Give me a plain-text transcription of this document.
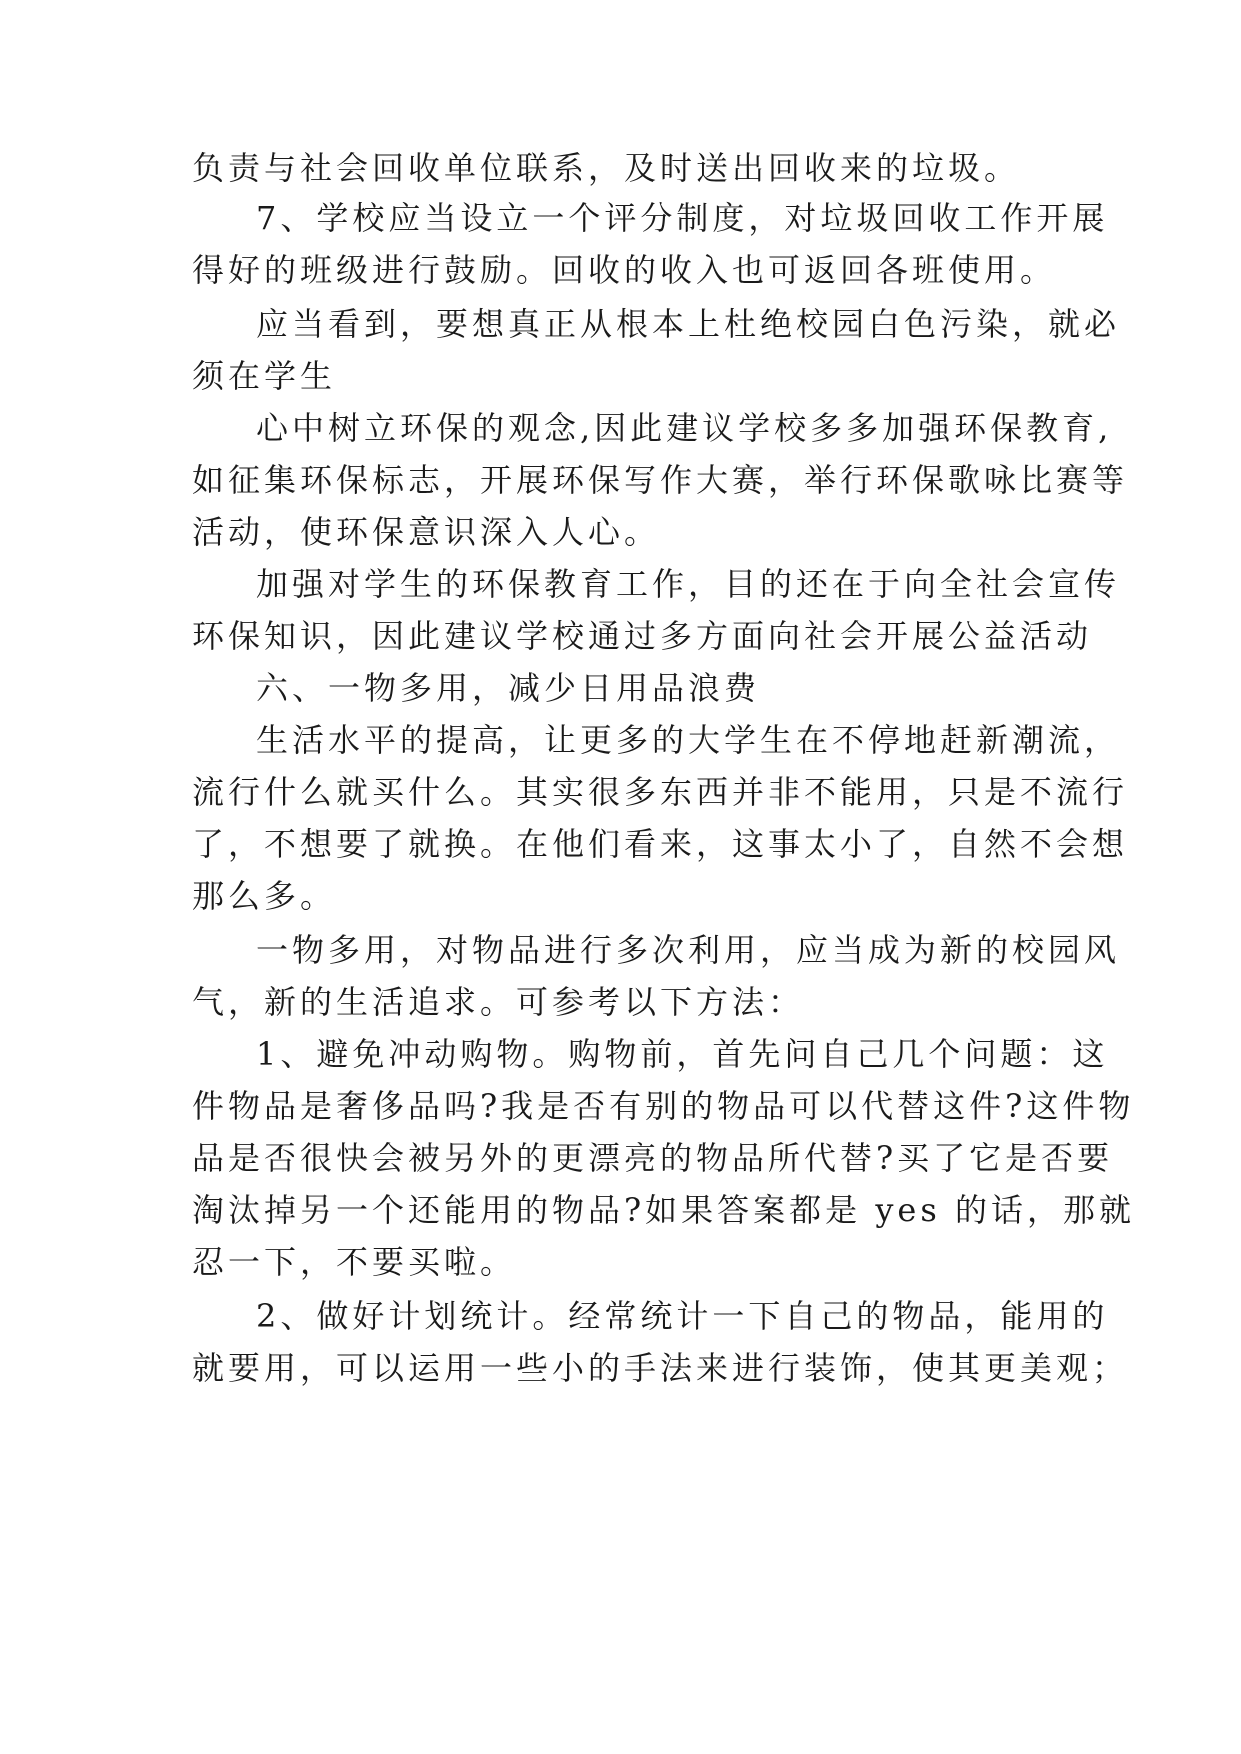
负责与社会回收单位联系，及时送出回收来的垃圾。

7、学校应当设立一个评分制度，对垃圾回收工作开展

得好的班级进行鼓励。回收的收入也可返回各班使用。

应当看到，要想真正从根本上杜绝校园白色污染，就必

须在学生

心中树立环保的观念,因此建议学校多多加强环保教育,

如征集环保标志，开展环保写作大赛，举行环保歌咏比赛等

活动，使环保意识深入人心。

加强对学生的环保教育工作，目的还在于向全社会宣传

环保知识，因此建议学校通过多方面向社会开展公益活动

六、一物多用，减少日用品浪费

生活水平的提高，让更多的大学生在不停地赶新潮流，

流行什么就买什么。其实很多东西并非不能用，只是不流行

了，不想要了就换。在他们看来，这事太小了，自然不会想

那么多。

一物多用，对物品进行多次利用，应当成为新的校园风

气，新的生活追求。可参考以下方法：

1、避免冲动购物。购物前，首先问自己几个问题：这

件物品是奢侈品吗?我是否有别的物品可以代替这件?这件物

品是否很快会被另外的更漂亮的物品所代替?买了它是否要

淘汰掉另一个还能用的物品?如果答案都是 yes 的话，那就

忍一下，不要买啦。

2、做好计划统计。经常统计一下自己的物品，能用的

就要用，可以运用一些小的手法来进行装饰，使其更美观；
